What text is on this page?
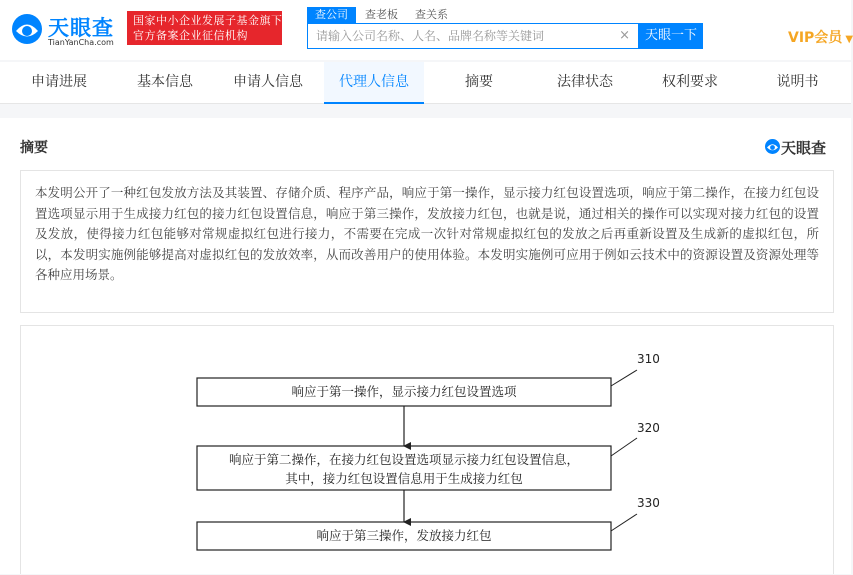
天眼查
TianYanCha.com
国家中小企业发展子基金旗下
官方备案企业征信机构
查公司	查老板	查关系
请输入公司名称、人名、品牌名称等关键词
×	天眼一下	VIP会员 ▼
申请进展	基本信息	申请人信息	代理人信息	摘要	法律状态	权利要求	说明书
摘要	天眼查
本发明公开了一种红包发放方法及其装置、存储介质、程序产品，响应于第一操作，显示接力红包设置选项，响应于第二操作，在接力红包设置选项显示用于生成接力红包的接力红包设置信息，响应于第三操作，发放接力红包，也就是说，通过相关的操作可以实现对接力红包的设置及发放，使得接力红包能够对常规虚拟红包进行接力，不需要在完成一次针对常规虚拟红包的发放之后再重新设置及生成新的虚拟红包，所以，本发明实施例能够提高对虚拟红包的发放效率，从而改善用户的使用体验。本发明实施例可应用于例如云技术中的资源设置及资源处理等各种应用场景。
响应于第一操作，显示接力红包设置选项
310
响应于第二操作，在接力红包设置选项显示接力红包设置信息，
其中，接力红包设置信息用于生成接力红包
320
响应于第三操作，发放接力红包
330
